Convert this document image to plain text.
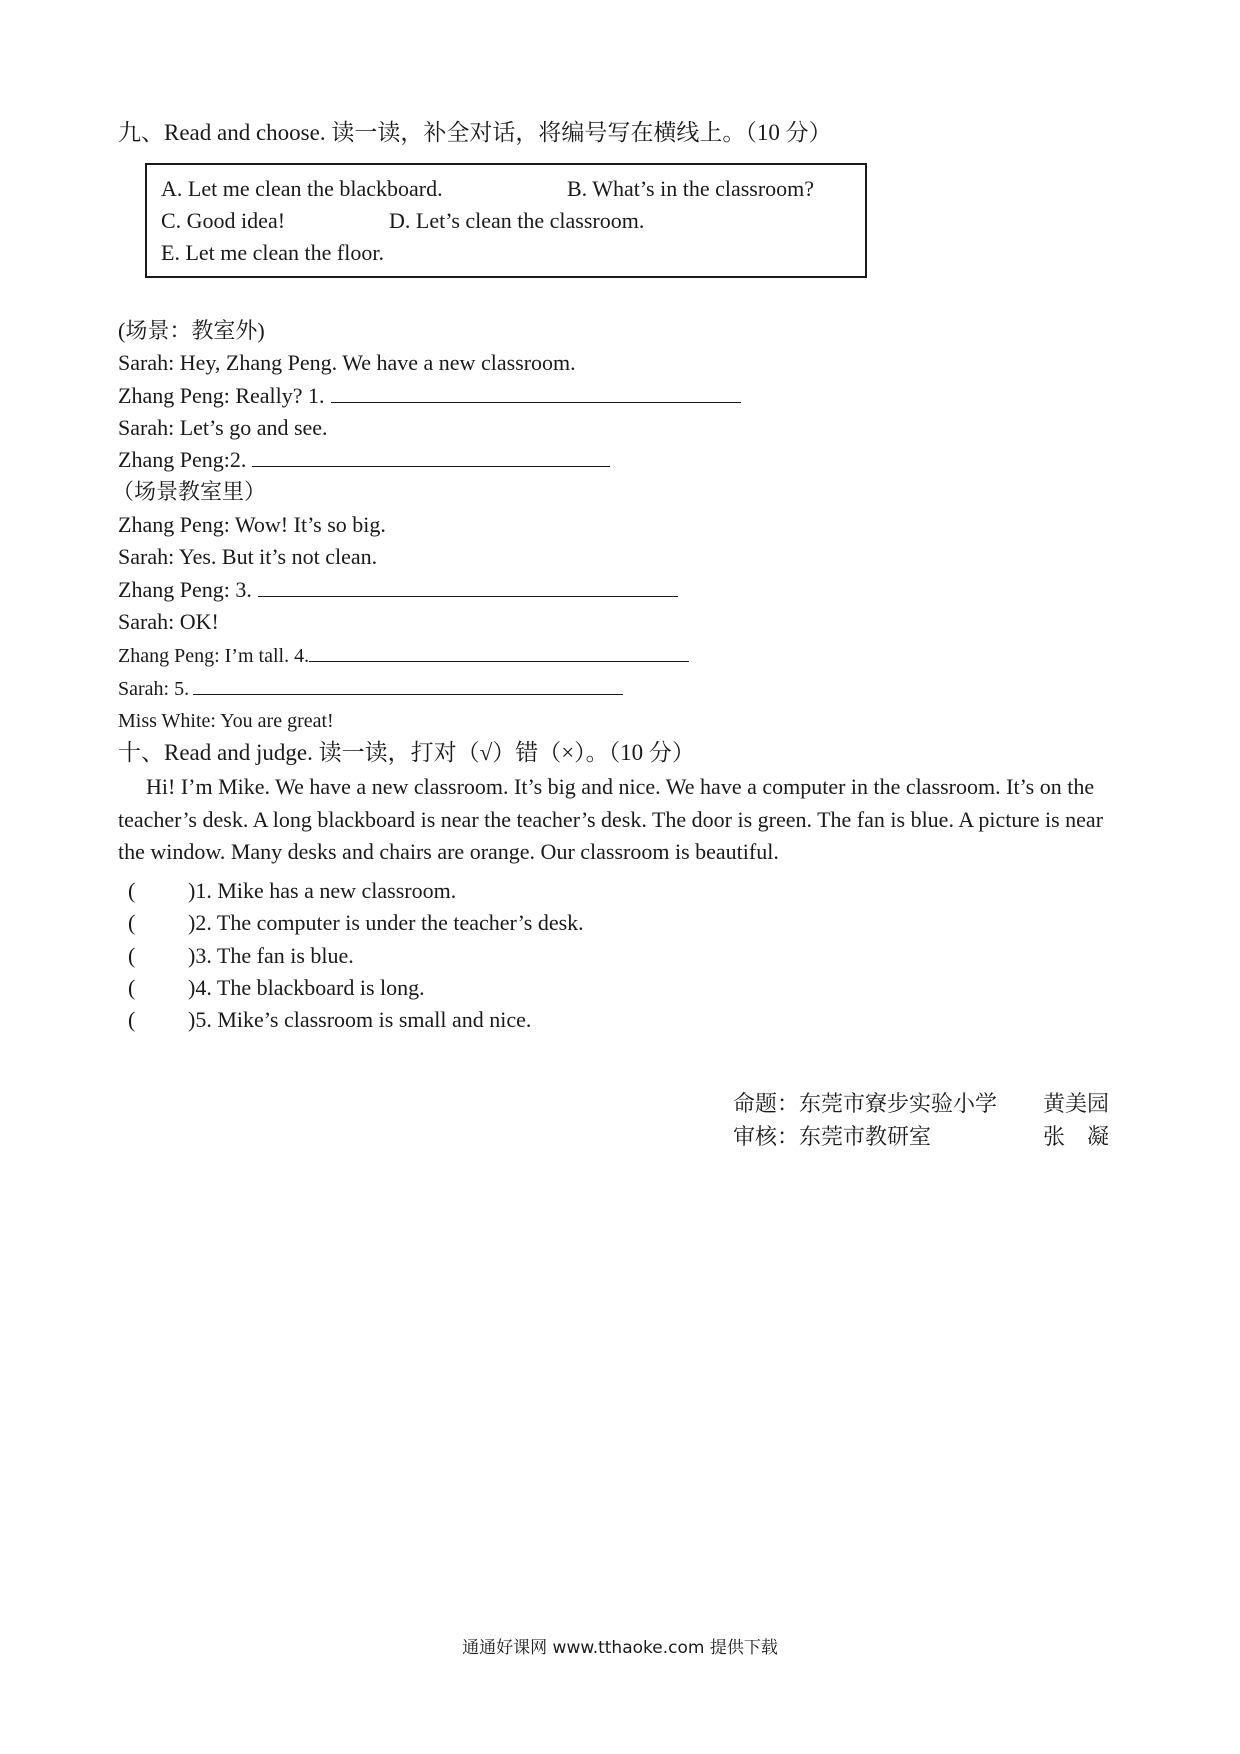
九、Read and choose. 读一读，补全对话，将编号写在横线上。（10 分）
A. Let me clean the blackboard.	B. What’s in the classroom?
C. Good idea!	D. Let’s clean the classroom.
E. Let me clean the floor.
(场景：教室外)
Sarah: Hey, Zhang Peng. We have a new classroom.
Zhang Peng: Really? 1.
Sarah: Let’s go and see.
Zhang Peng:2.
（场景教室里）
Zhang Peng: Wow! It’s so big.
Sarah: Yes. But it’s not clean.
Zhang Peng: 3.
Sarah: OK!
Zhang Peng: I’m tall. 4.
Sarah: 5.
Miss White: You are great!
十、Read and judge. 读一读，打对（√）错（×）。（10 分）
Hi! I’m Mike. We have a new classroom. It’s big and nice. We have a computer in the classroom. It’s on the teacher’s desk. A long blackboard is near the teacher’s desk. The door is green. The fan is blue. A picture is near the window. Many desks and chairs are orange. Our classroom is beautiful.
( )1. Mike has a new classroom.
( )2. The computer is under the teacher’s desk.
( )3. The fan is blue.
( )4. The blackboard is long.
( )5. Mike’s classroom is small and nice.
命题：东莞市寮步实验小学 黄美园
审核：东莞市教研室	张　凝
通通好课网 www.tthaoke.com 提供下载
